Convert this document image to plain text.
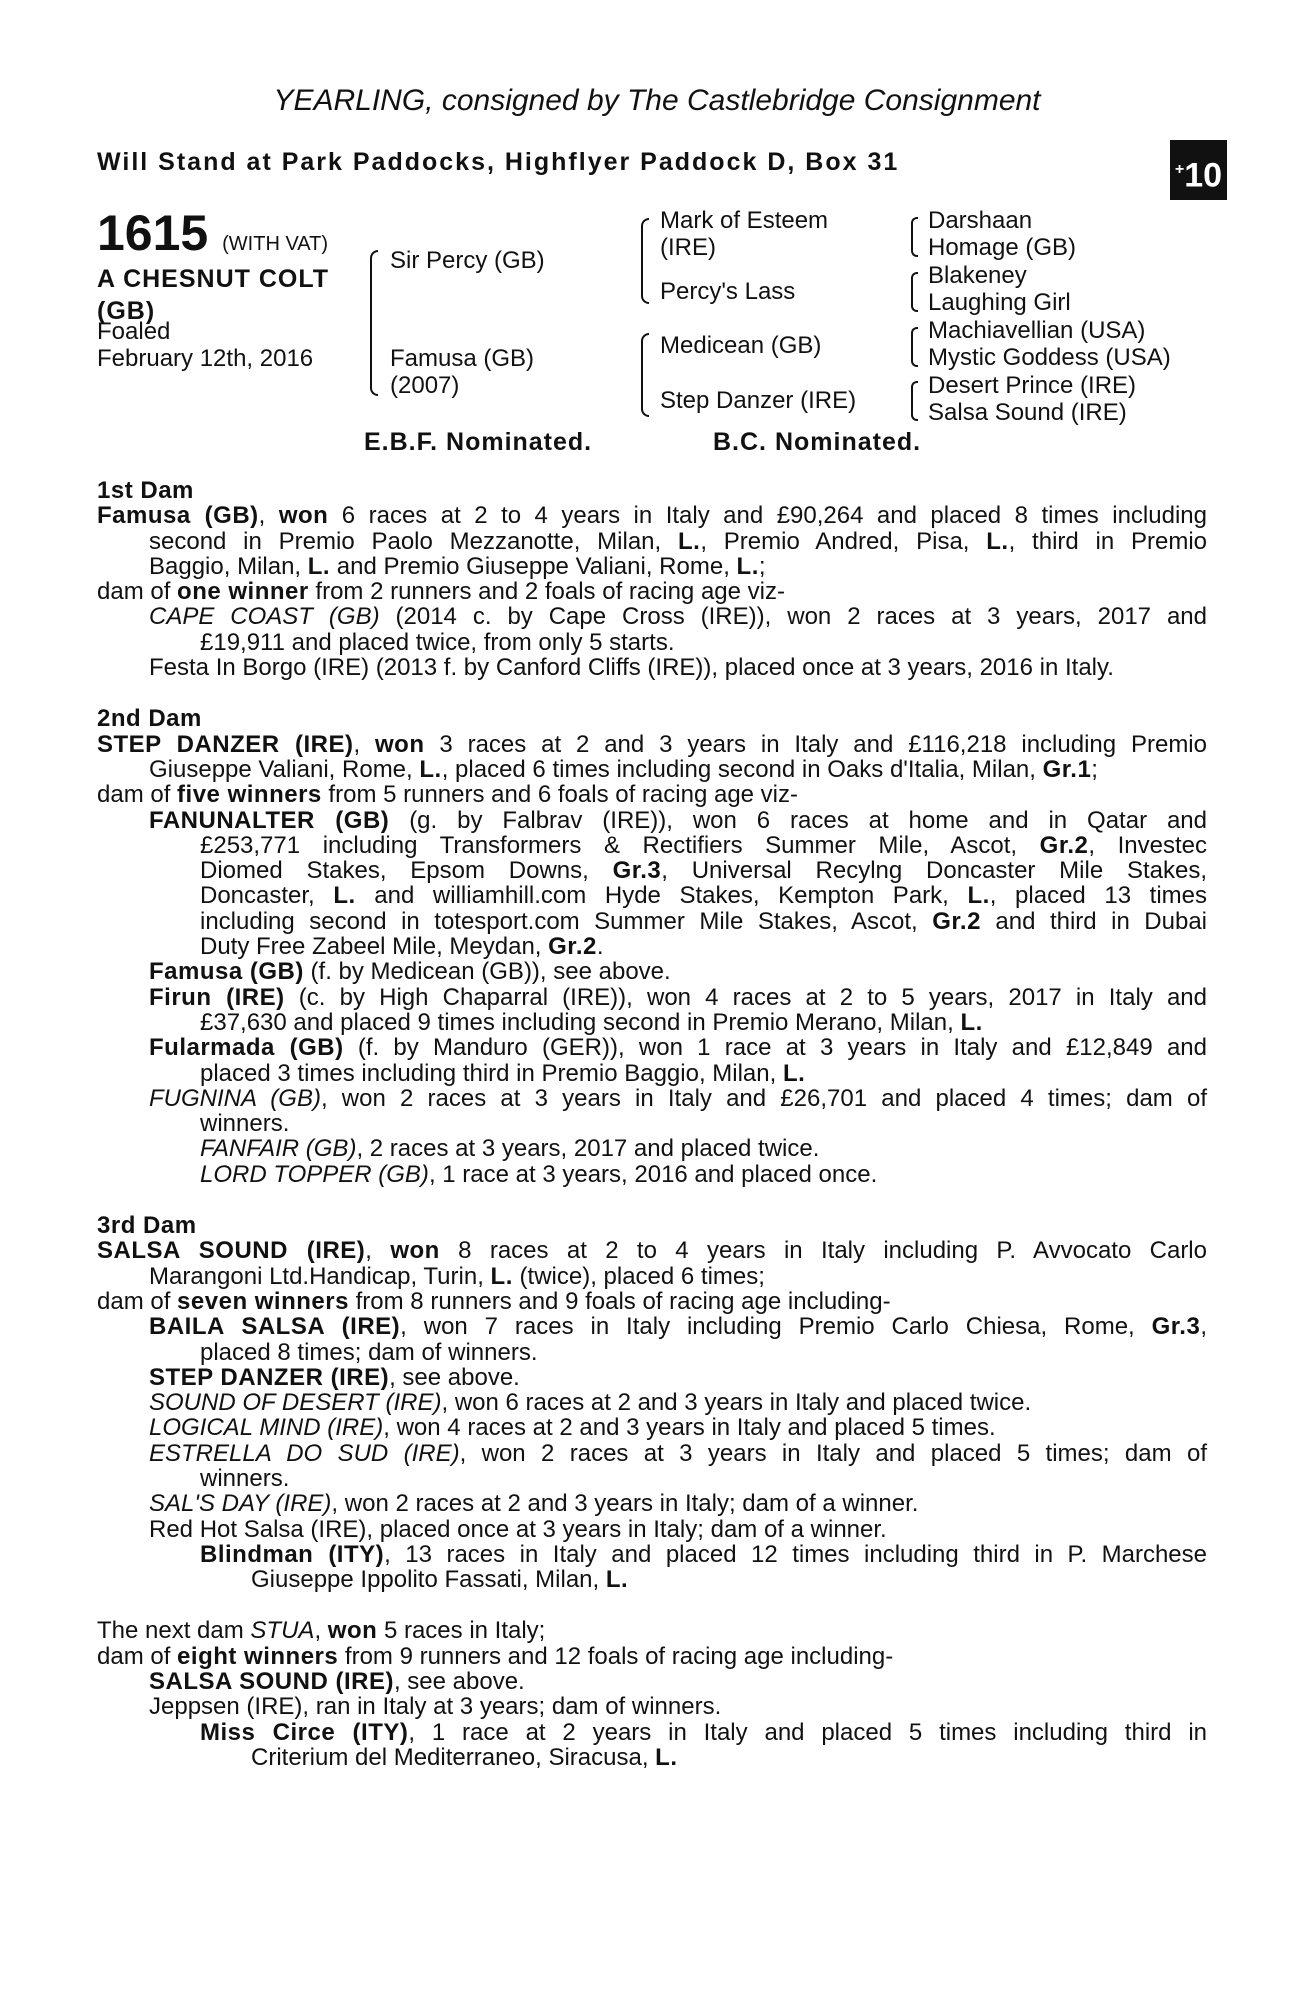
YEARLING, consigned by The Castlebridge Consignment
Will Stand at Park Paddocks, Highflyer Paddock D, Box 31	+10
1615 (WITH VAT)
A CHESNUT COLT
(GB)
Foaled
February 12th, 2016
Sir Percy (GB)
Famusa (GB)
(2007)
Mark of Esteem
(IRE)
Percy's Lass
Medicean (GB)
Step Danzer (IRE)
Darshaan
Homage (GB)
Blakeney
Laughing Girl
Machiavellian (USA)
Mystic Goddess (USA)
Desert Prince (IRE)
Salsa Sound (IRE)
E.B.F. Nominated.	B.C. Nominated.
1st Dam
Famusa (GB), won 6 races at 2 to 4 years in Italy and £90,264 and placed 8 times including
second in Premio Paolo Mezzanotte, Milan, L., Premio Andred, Pisa, L., third in Premio
Baggio, Milan, L. and Premio Giuseppe Valiani, Rome, L.;
dam of one winner from 2 runners and 2 foals of racing age viz-
CAPE COAST (GB) (2014 c. by Cape Cross (IRE)), won 2 races at 3 years, 2017 and
£19,911 and placed twice, from only 5 starts.
Festa In Borgo (IRE) (2013 f. by Canford Cliffs (IRE)), placed once at 3 years, 2016 in Italy.
2nd Dam
STEP DANZER (IRE), won 3 races at 2 and 3 years in Italy and £116,218 including Premio
Giuseppe Valiani, Rome, L., placed 6 times including second in Oaks d'Italia, Milan, Gr.1;
dam of five winners from 5 runners and 6 foals of racing age viz-
FANUNALTER (GB) (g. by Falbrav (IRE)), won 6 races at home and in Qatar and
£253,771 including Transformers & Rectifiers Summer Mile, Ascot, Gr.2, Investec
Diomed Stakes, Epsom Downs, Gr.3, Universal Recylng Doncaster Mile Stakes,
Doncaster, L. and williamhill.com Hyde Stakes, Kempton Park, L., placed 13 times
including second in totesport.com Summer Mile Stakes, Ascot, Gr.2 and third in Dubai
Duty Free Zabeel Mile, Meydan, Gr.2.
Famusa (GB) (f. by Medicean (GB)), see above.
Firun (IRE) (c. by High Chaparral (IRE)), won 4 races at 2 to 5 years, 2017 in Italy and
£37,630 and placed 9 times including second in Premio Merano, Milan, L.
Fularmada (GB) (f. by Manduro (GER)), won 1 race at 3 years in Italy and £12,849 and
placed 3 times including third in Premio Baggio, Milan, L.
FUGNINA (GB), won 2 races at 3 years in Italy and £26,701 and placed 4 times; dam of
winners.
FANFAIR (GB), 2 races at 3 years, 2017 and placed twice.
LORD TOPPER (GB), 1 race at 3 years, 2016 and placed once.
3rd Dam
SALSA SOUND (IRE), won 8 races at 2 to 4 years in Italy including P. Avvocato Carlo
Marangoni Ltd.Handicap, Turin, L. (twice), placed 6 times;
dam of seven winners from 8 runners and 9 foals of racing age including-
BAILA SALSA (IRE), won 7 races in Italy including Premio Carlo Chiesa, Rome, Gr.3,
placed 8 times; dam of winners.
STEP DANZER (IRE), see above.
SOUND OF DESERT (IRE), won 6 races at 2 and 3 years in Italy and placed twice.
LOGICAL MIND (IRE), won 4 races at 2 and 3 years in Italy and placed 5 times.
ESTRELLA DO SUD (IRE), won 2 races at 3 years in Italy and placed 5 times; dam of
winners.
SAL'S DAY (IRE), won 2 races at 2 and 3 years in Italy; dam of a winner.
Red Hot Salsa (IRE), placed once at 3 years in Italy; dam of a winner.
Blindman (ITY), 13 races in Italy and placed 12 times including third in P. Marchese
Giuseppe Ippolito Fassati, Milan, L.
The next dam STUA, won 5 races in Italy;
dam of eight winners from 9 runners and 12 foals of racing age including-
SALSA SOUND (IRE), see above.
Jeppsen (IRE), ran in Italy at 3 years; dam of winners.
Miss Circe (ITY), 1 race at 2 years in Italy and placed 5 times including third in
Criterium del Mediterraneo, Siracusa, L.
